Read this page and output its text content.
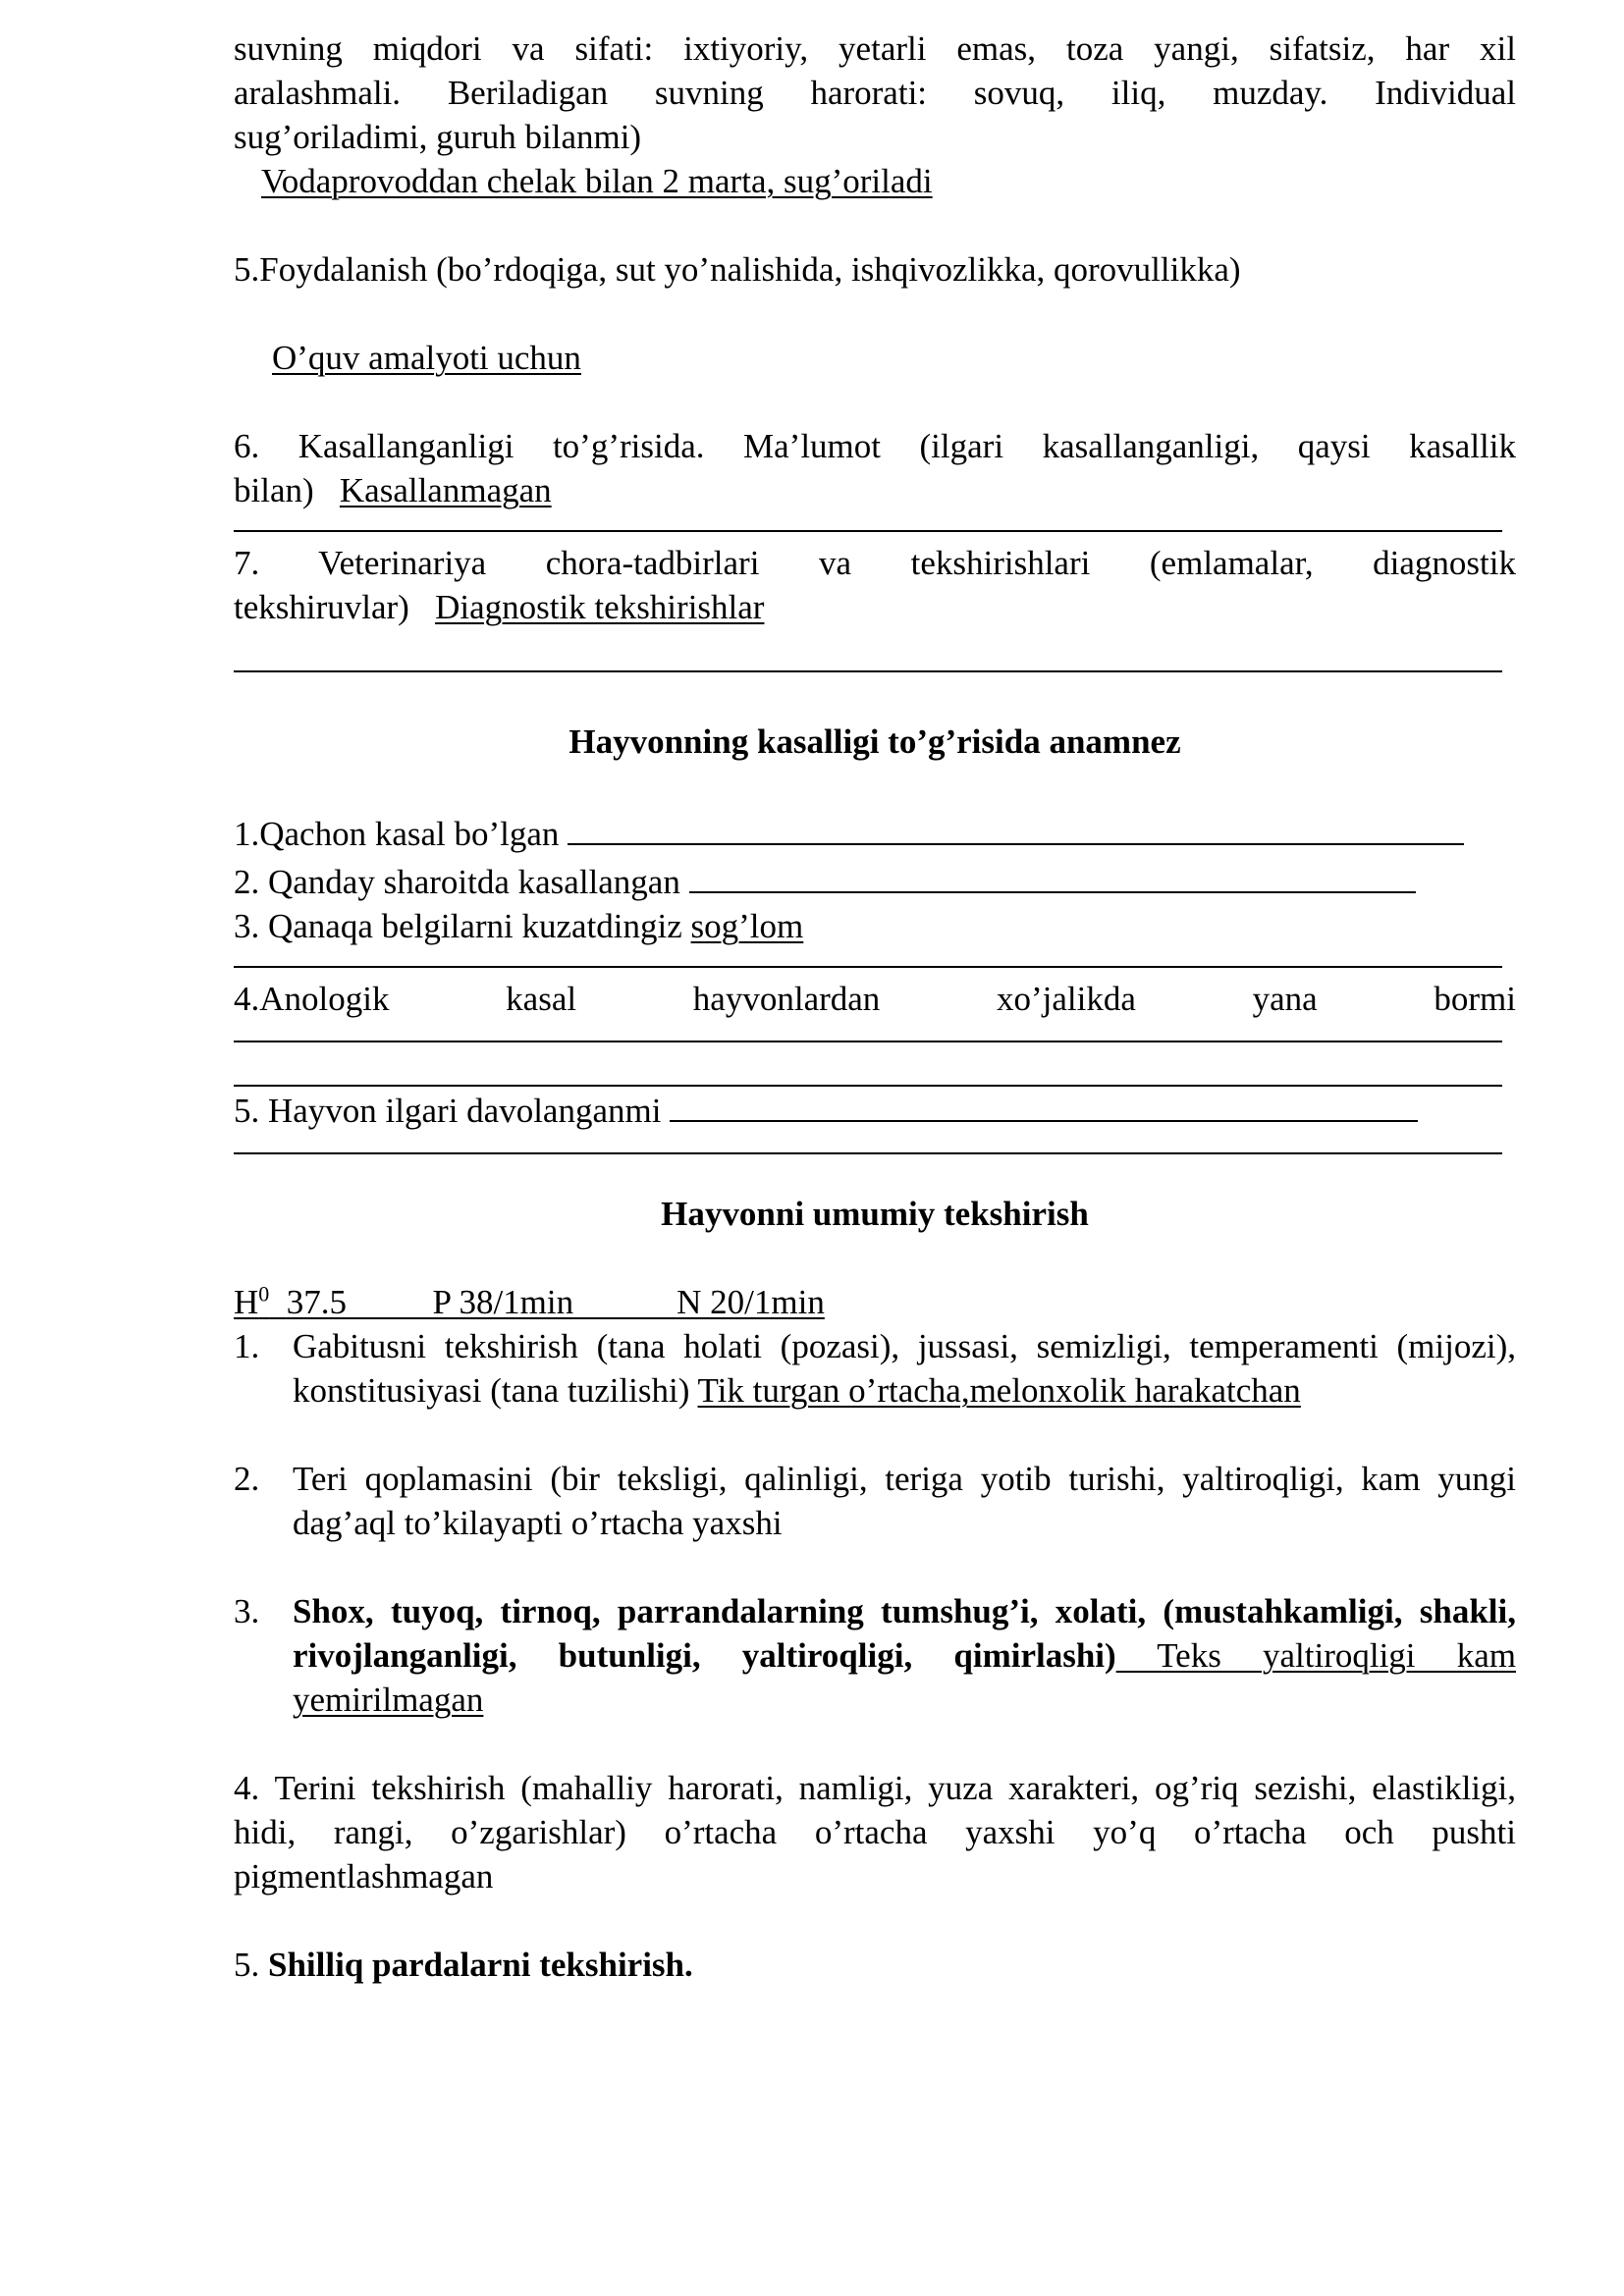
suvning miqdori va sifati: ixtiyoriy, yetarli emas, toza yangi, sifatsiz, har xil

aralashmali. Beriladigan suvning harorati: sovuq, iliq, muzday. Individual

sug’oriladimi, guruh bilanmi)

Vodaprovoddan chelak bilan 2 marta, sug’oriladi

5.Foydalanish (bo’rdoqiga, sut yo’nalishida, ishqivozlikka, qorovullikka)

O’quv amalyoti uchun

6. Kasallanganligi to’g’risida. Ma’lumot (ilgari kasallanganligi, qaysi kasallik

bilan) Kasallanmagan

7. Veterinariya chora-tadbirlari va tekshirishlari (emlamalar, diagnostik

tekshiruvlar) Diagnostik tekshirishlar

Hayvonning kasalligi to’g’risida anamnez

1.Qachon kasal bo’lgan

2. Qanday sharoitda kasallangan

3. Qanaqa belgilarni kuzatdingiz sog’lom

4.Anologik kasal hayvonlardan xo’jalikda yana bormi

5. Hayvon ilgari davolanganmi

Hayvonni umumiy tekshirish

$H^0$ 37.5	P 38/1min	N 20/1min

1. Gabitusni tekshirish (tana holati (pozasi), jussasi, semizligi, temperamenti (mijozi), konstitusiyasi (tana tuzilishi) Tik turgan o’rtacha,melonxolik harakatchan
2. Teri qoplamasini (bir teksligi, qalinligi, teriga yotib turishi, yaltiroqligi, kam yungi dag’aql to’kilayapti o’rtacha yaxshi
3. Shox, tuyoq, tirnoq, parrandalarning tumshug’i, xolati, (mustahkamligi, shakli, rivojlanganligi, butunligi, yaltiroqligi, qimirlashi) Teks yaltiroqligi kam yemirilmagan

4. Terini tekshirish (mahalliy harorati, namligi, yuza xarakteri, og’riq sezishi, elastikligi, hidi, rangi, o’zgarishlar) o’rtacha o’rtacha yaxshi yo’q o’rtacha och pushti pigmentlashmagan

5. Shilliq pardalarni tekshirish.
